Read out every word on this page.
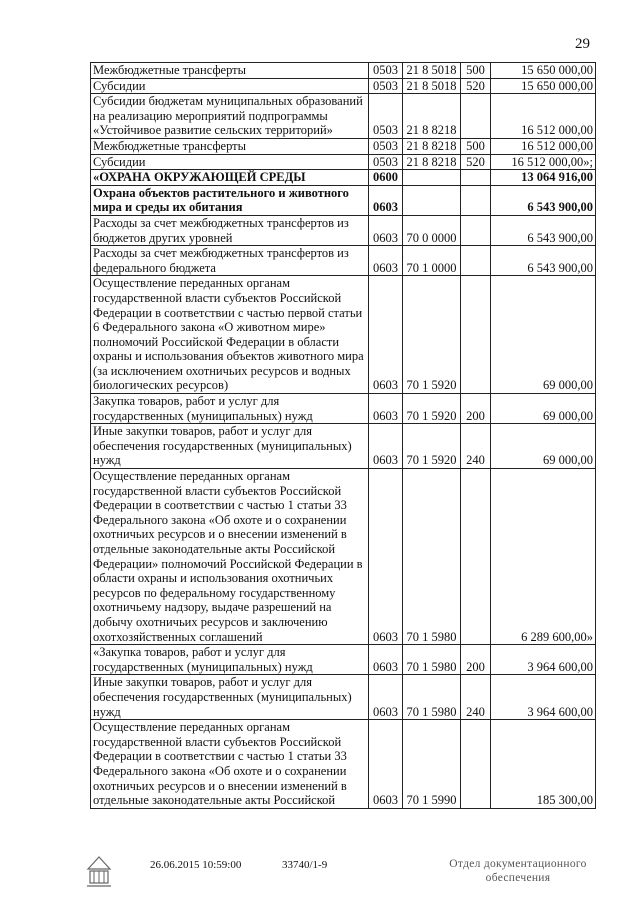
29
Межбюджетные трансферты	0503	21 8 5018	500	15 650 000,00
Субсидии	0503	21 8 5018	520	15 650 000,00
Субсидии бюджетам муниципальных образований на реализацию мероприятий подпрограммы «Устойчивое развитие сельских территорий»	0503	21 8 8218		16 512 000,00
Межбюджетные трансферты	0503	21 8 8218	500	16 512 000,00
Субсидии	0503	21 8 8218	520	16 512 000,00»;
«ОХРАНА ОКРУЖАЮЩЕЙ СРЕДЫ	0600			13 064 916,00
Охрана объектов растительного и животного мира и среды их обитания	0603			6 543 900,00
Расходы за счет межбюджетных трансфертов из бюджетов других уровней	0603	70 0 0000		6 543 900,00
Расходы за счет межбюджетных трансфертов из федерального бюджета	0603	70 1 0000		6 543 900,00
Осуществление переданных органам государственной власти субъектов Российской Федерации в соответствии с частью первой статьи 6 Федерального закона «О животном мире» полномочий Российской Федерации в области охраны и использования объектов животного мира (за исключением охотничьих ресурсов и водных биологических ресурсов)	0603	70 1 5920		69 000,00
Закупка товаров, работ и услуг для государственных (муниципальных) нужд	0603	70 1 5920	200	69 000,00
Иные закупки товаров, работ и услуг для обеспечения государственных (муниципальных) нужд	0603	70 1 5920	240	69 000,00
Осуществление переданных органам государственной власти субъектов Российской Федерации в соответствии с частью 1 статьи 33 Федерального закона «Об охоте и о сохранении охотничьих ресурсов и о внесении изменений в отдельные законодательные акты Российской Федерации» полномочий Российской Федерации в области охраны и использования охотничьих ресурсов по федеральному государственному охотничьему надзору, выдаче разрешений на добычу охотничьих ресурсов и заключению охотхозяйственных соглашений	0603	70 1 5980		6 289 600,00»
«Закупка товаров, работ и услуг для государственных (муниципальных) нужд	0603	70 1 5980	200	3 964 600,00
Иные закупки товаров, работ и услуг для обеспечения государственных (муниципальных) нужд	0603	70 1 5980	240	3 964 600,00
Осуществление переданных органам государственной власти субъектов Российской Федерации в соответствии с частью 1 статьи 33 Федерального закона «Об охоте и о сохранении охотничьих ресурсов и о внесении изменений в отдельные законодательные акты Российской	0603	70 1 5990		185 300,00
26.06.2015 10:59:00	33740/1-9	Отдел документационного обеспечения
